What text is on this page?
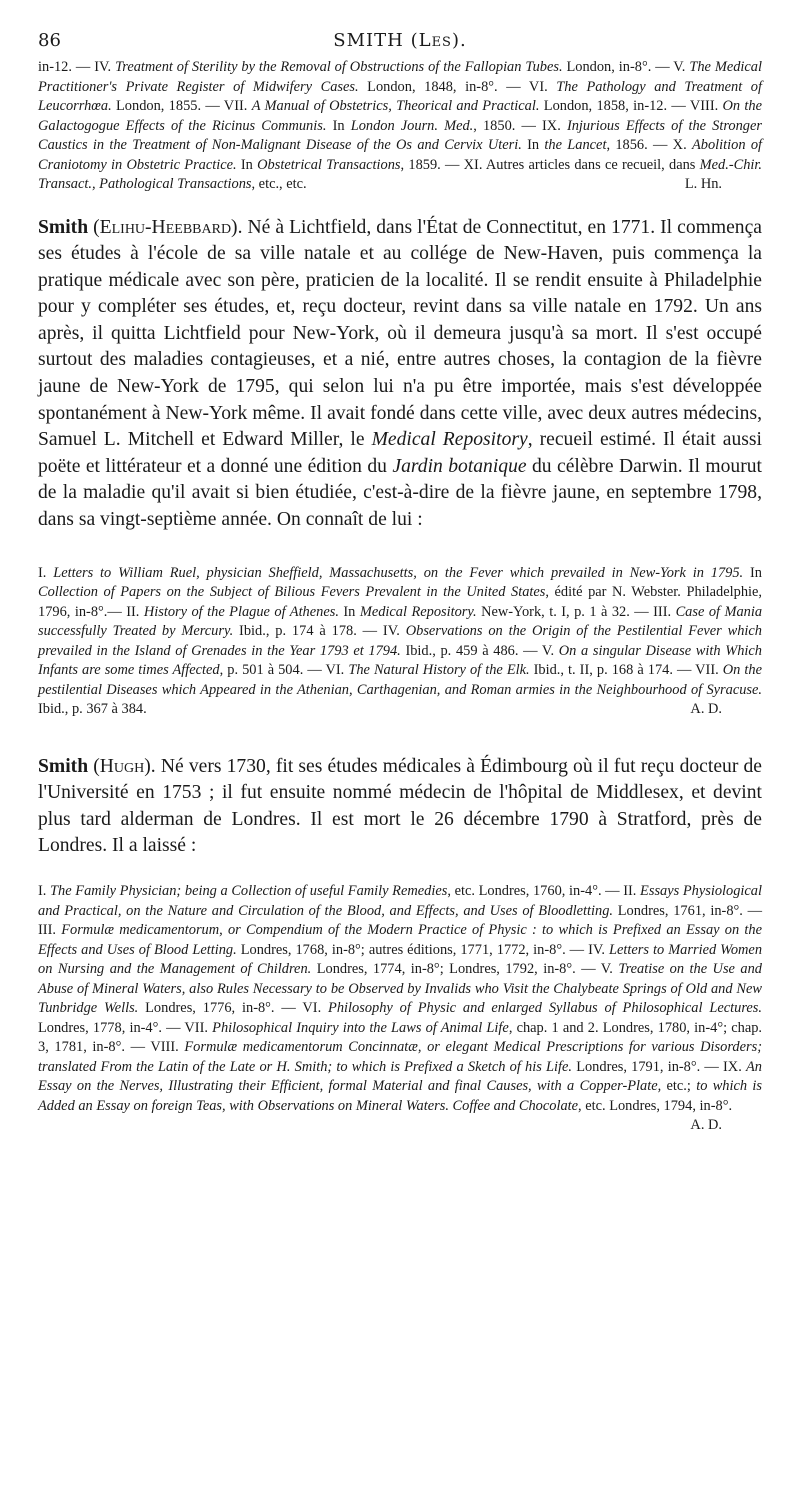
86	SMITH (Les).

in-12. — IV. Treatment of Sterility by the Removal of Obstructions of the Fallopian Tubes. London, in-8°. — V. The Medical Practitioner's Private Register of Midwifery Cases. London, 1848, in-8°. — VI. The Pathology and Treatment of Leucorrhœa. London, 1855. — VII. A Manual of Obstetrics, Theorical and Practical. London, 1858, in-12. — VIII. On the Galactogogue Effects of the Ricinus Communis. In London Journ. Med., 1850. — IX. Injurious Effects of the Stronger Caustics in the Treatment of Non-Malignant Disease of the Os and Cervix Uteri. In the Lancet, 1856. — X. Abolition of Craniotomy in Obstetric Practice. In Obstetrical Transactions, 1859. — XI. Autres articles dans ce recueil, dans Med.-Chir. Transact., Pathological Transactions, etc., etc.	L. Hn.

Smith (Elihu-Heebbard). Né à Lichtfield, dans l'État de Connectitut, en 1771. Il commença ses études à l'école de sa ville natale et au collége de New-Haven, puis commença la pratique médicale avec son père, praticien de la localité. Il se rendit ensuite à Philadelphie pour y compléter ses études, et, reçu docteur, revint dans sa ville natale en 1792. Un ans après, il quitta Lichtfield pour New-York, où il demeura jusqu'à sa mort. Il s'est occupé surtout des maladies contagieuses, et a nié, entre autres choses, la contagion de la fièvre jaune de New-York de 1795, qui selon lui n'a pu être importée, mais s'est développée spontanément à New-York même. Il avait fondé dans cette ville, avec deux autres médecins, Samuel L. Mitchell et Edward Miller, le Medical Repository, recueil estimé. Il était aussi poëte et littérateur et a donné une édition du Jardin botanique du célèbre Darwin. Il mourut de la maladie qu'il avait si bien étudiée, c'est-à-dire de la fièvre jaune, en septembre 1798, dans sa vingt-septième année. On connaît de lui :

I. Letters to William Ruel, physician Sheffield, Massachusetts, on the Fever which prevailed in New-York in 1795. In Collection of Papers on the Subject of Bilious Fevers Prevalent in the United States, édité par N. Webster. Philadelphie, 1796, in-8°.— II. History of the Plague of Athenes. In Medical Repository. New-York, t. I, p. 1 à 32. — III. Case of Mania successfully Treated by Mercury. Ibid., p. 174 à 178. — IV. Observations on the Origin of the Pestilential Fever which prevailed in the Island of Grenades in the Year 1793 et 1794. Ibid., p. 459 à 486. — V. On a singular Disease with Which Infants are some times Affected, p. 501 à 504. — VI. The Natural History of the Elk. Ibid., t. II, p. 168 à 174. — VII. On the pestilential Diseases which Appeared in the Athenian, Carthagenian, and Roman armies in the Neighbourhood of Syracuse. Ibid., p. 367 à 384.	A. D.

Smith (Hugh). Né vers 1730, fit ses études médicales à Édimbourg où il fut reçu docteur de l'Université en 1753 ; il fut ensuite nommé médecin de l'hôpital de Middlesex, et devint plus tard alderman de Londres. Il est mort le 26 décembre 1790 à Stratford, près de Londres. Il a laissé :

I. The Family Physician; being a Collection of useful Family Remedies, etc. Londres, 1760, in-4°. — II. Essays Physiological and Practical, on the Nature and Circulation of the Blood, and Effects, and Uses of Bloodletting. Londres, 1761, in-8°. — III. Formulæ medicamentorum, or Compendium of the Modern Practice of Physic : to which is Prefixed an Essay on the Effects and Uses of Blood Letting. Londres, 1768, in-8°; autres éditions, 1771, 1772, in-8°. — IV. Letters to Married Women on Nursing and the Management of Children. Londres, 1774, in-8°; Londres, 1792, in-8°. — V. Treatise on the Use and Abuse of Mineral Waters, also Rules Necessary to be Observed by Invalids who Visit the Chalybeate Springs of Old and New Tunbridge Wells. Londres, 1776, in-8°. — VI. Philosophy of Physic and enlarged Syllabus of Philosophical Lectures. Londres, 1778, in-4°. — VII. Philosophical Inquiry into the Laws of Animal Life, chap. 1 and 2. Londres, 1780, in-4°; chap. 3, 1781, in-8°. — VIII. Formulæ medicamentorum Concinnatæ, or elegant Medical Prescriptions for various Disorders; translated From the Latin of the Late or H. Smith; to which is Prefixed a Sketch of his Life. Londres, 1791, in-8°. — IX. An Essay on the Nerves, Illustrating their Efficient, formal Material and final Causes, with a Copper-Plate, etc.; to which is Added an Essay on foreign Teas, with Observations on Mineral Waters. Coffee and Chocolate, etc. Londres, 1794, in-8°.
A. D.
